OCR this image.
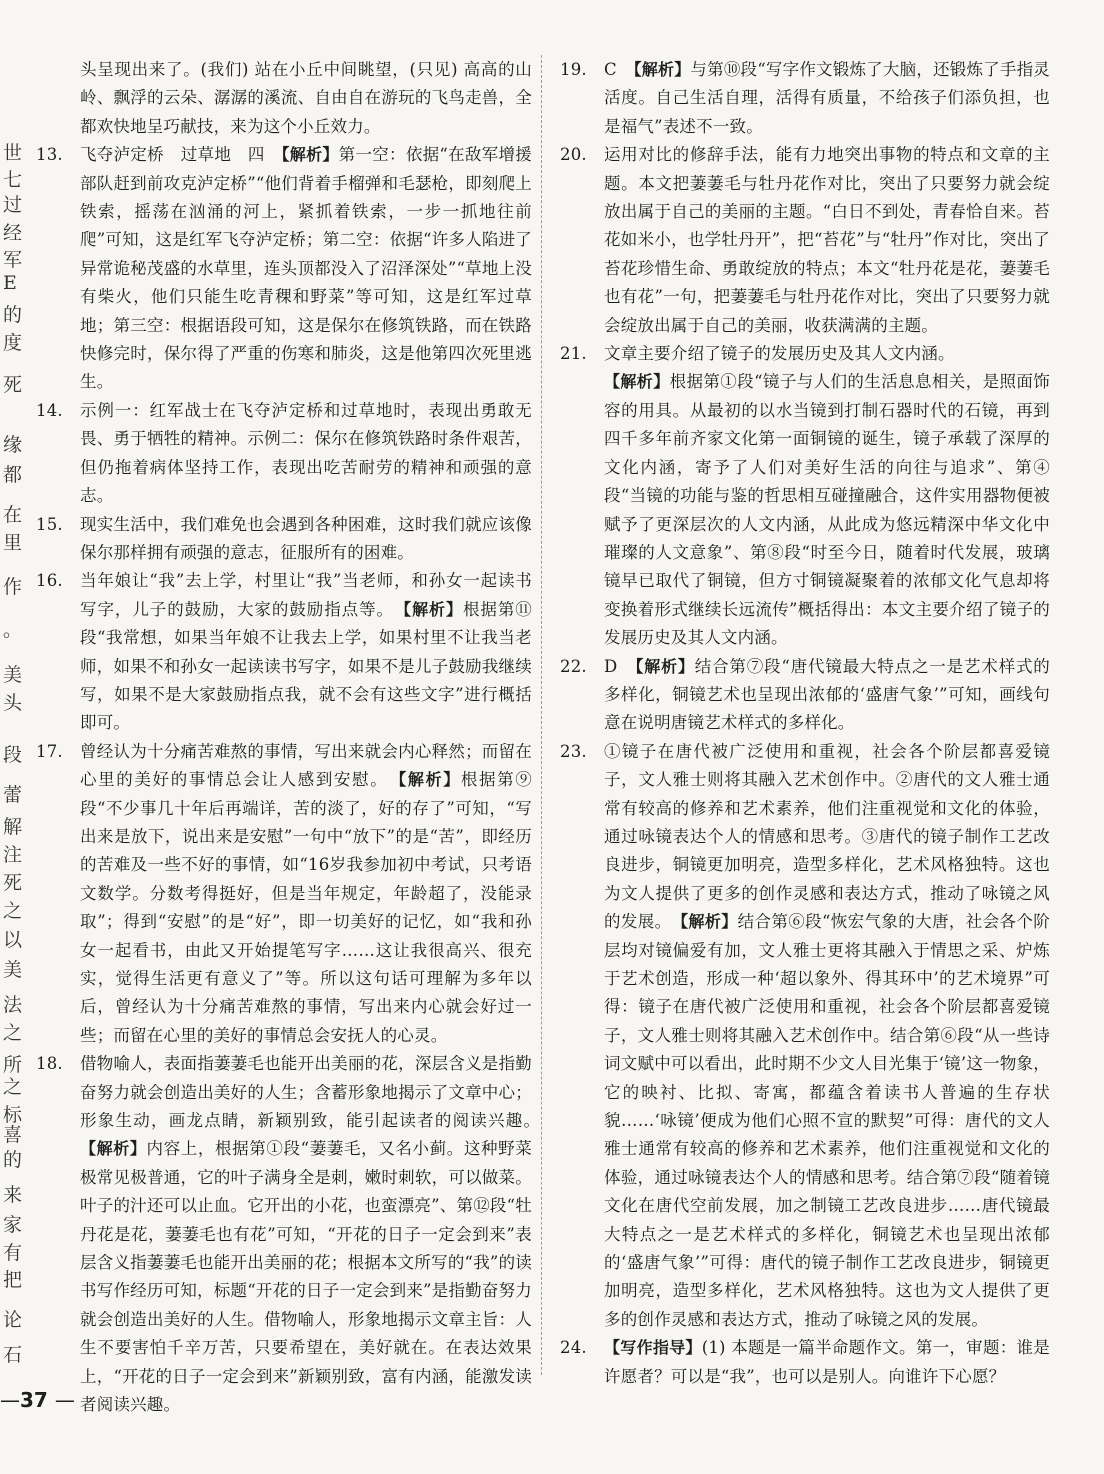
世
七
过
经
军
E
的
度
死
缘
都
在
里
作
。
美
头
段
蕾
解
注
死
之
以
美
法
之
所
之
标
喜
的
来
家
有
把
论
石
头呈现出来了。(我们) 站在小丘中间眺望，(只见) 高高的山岭、飘浮的云朵、潺潺的溪流、自由自在游玩的飞鸟走兽，全都欢快地呈巧献技，来为这个小丘效力。
13.	飞夺泸定桥　过草地　四　【解析】第一空：依据“在敌军增援部队赶到前攻克泸定桥”“他们背着手榴弹和毛瑟枪，即刻爬上铁索，摇荡在汹涌的河上，紧抓着铁索，一步一抓地往前爬”可知，这是红军飞夺泸定桥；第二空：依据“许多人陷进了异常诡秘茂盛的水草里，连头顶都没入了沼泽深处”“草地上没有柴火，他们只能生吃青稞和野菜”等可知，这是红军过草地；第三空：根据语段可知，这是保尔在修筑铁路，而在铁路快修完时，保尔得了严重的伤寒和肺炎，这是他第四次死里逃生。
14.	示例一：红军战士在飞夺泸定桥和过草地时，表现出勇敢无畏、勇于牺牲的精神。示例二：保尔在修筑铁路时条件艰苦，但仍拖着病体坚持工作，表现出吃苦耐劳的精神和顽强的意志。
15.	现实生活中，我们难免也会遇到各种困难，这时我们就应该像保尔那样拥有顽强的意志，征服所有的困难。
16.	当年娘让“我”去上学，村里让“我”当老师，和孙女一起读书写字，儿子的鼓励，大家的鼓励指点等。　【解析】根据第⑪段“我常想，如果当年娘不让我去上学，如果村里不让我当老师，如果不和孙女一起读读书写字，如果不是儿子鼓励我继续写，如果不是大家鼓励指点我，就不会有这些文字”进行概括即可。
17.	曾经认为十分痛苦难熬的事情，写出来就会内心释然；而留在心里的美好的事情总会让人感到安慰。　【解析】根据第⑨段“不少事几十年后再端详，苦的淡了，好的存了”可知，“写出来是放下，说出来是安慰”一句中“放下”的是“苦”，即经历的苦难及一些不好的事情，如“16岁我参加初中考试，只考语文数学。分数考得挺好，但是当年规定，年龄超了，没能录取”；得到“安慰”的是“好”，即一切美好的记忆，如“我和孙女一起看书，由此又开始提笔写字……这让我很高兴、很充实，觉得生活更有意义了”等。所以这句话可理解为多年以后，曾经认为十分痛苦难熬的事情，写出来内心就会好过一些；而留在心里的美好的事情总会安抚人的心灵。
18.	借物喻人，表面指萋萋毛也能开出美丽的花，深层含义是指勤奋努力就会创造出美好的人生；含蓄形象地揭示了文章中心；形象生动，画龙点睛，新颖别致，能引起读者的阅读兴趣。　【解析】内容上，根据第①段“萋萋毛，又名小蓟。这种野菜极常见极普通，它的叶子满身全是刺，嫩时刺软，可以做菜。叶子的汁还可以止血。它开出的小花，也蛮漂亮”、第⑫段“牡丹花是花，萋萋毛也有花”可知，“开花的日子一定会到来”表层含义指萋萋毛也能开出美丽的花；根据本文所写的“我”的读书写作经历可知，标题“开花的日子一定会到来”是指勤奋努力就会创造出美好的人生。借物喻人，形象地揭示文章主旨：人生不要害怕千辛万苦，只要希望在，美好就在。在表达效果上，“开花的日子一定会到来”新颖别致，富有内涵，能激发读者阅读兴趣。
19.	C　【解析】与第⑩段“写字作文锻炼了大脑，还锻炼了手指灵活度。自己生活自理，活得有质量，不给孩子们添负担，也是福气”表述不一致。
20.	运用对比的修辞手法，能有力地突出事物的特点和文章的主题。本文把萋萋毛与牡丹花作对比，突出了只要努力就会绽放出属于自己的美丽的主题。“白日不到处，青春恰自来。苔花如米小，也学牡丹开”，把“苔花”与“牡丹”作对比，突出了苔花珍惜生命、勇敢绽放的特点；本文“牡丹花是花，萋萋毛也有花”一句，把萋萋毛与牡丹花作对比，突出了只要努力就会绽放出属于自己的美丽，收获满满的主题。
21.	文章主要介绍了镜子的发展历史及其人文内涵。
【解析】根据第①段“镜子与人们的生活息息相关，是照面饰容的用具。从最初的以水当镜到打制石器时代的石镜，再到四千多年前齐家文化第一面铜镜的诞生，镜子承载了深厚的文化内涵，寄予了人们对美好生活的向往与追求”、第④段“当镜的功能与鉴的哲思相互碰撞融合，这件实用器物便被赋予了更深层次的人文内涵，从此成为悠远精深中华文化中璀璨的人文意象”、第⑧段“时至今日，随着时代发展，玻璃镜早已取代了铜镜，但方寸铜镜凝聚着的浓郁文化气息却将变换着形式继续长远流传”概括得出：本文主要介绍了镜子的发展历史及其人文内涵。
22.	D　【解析】结合第⑦段“唐代镜最大特点之一是艺术样式的多样化，铜镜艺术也呈现出浓郁的‘盛唐气象’”可知，画线句意在说明唐镜艺术样式的多样化。
23.	①镜子在唐代被广泛使用和重视，社会各个阶层都喜爱镜子，文人雅士则将其融入艺术创作中。②唐代的文人雅士通常有较高的修养和艺术素养，他们注重视觉和文化的体验，通过咏镜表达个人的情感和思考。③唐代的镜子制作工艺改良进步，铜镜更加明亮，造型多样化，艺术风格独特。这也为文人提供了更多的创作灵感和表达方式，推动了咏镜之风的发展。　【解析】结合第⑥段“恢宏气象的大唐，社会各个阶层均对镜偏爱有加，文人雅士更将其融入于情思之采、炉炼于艺术创造，形成一种‘超以象外、得其环中’的艺术境界”可得：镜子在唐代被广泛使用和重视，社会各个阶层都喜爱镜子，文人雅士则将其融入艺术创作中。结合第⑥段“从一些诗词文赋中可以看出，此时期不少文人目光集于‘镜’这一物象，它的映衬、比拟、寄寓，都蕴含着读书人普遍的生存状貌……‘咏镜’便成为他们心照不宣的默契”可得：唐代的文人雅士通常有较高的修养和艺术素养，他们注重视觉和文化的体验，通过咏镜表达个人的情感和思考。结合第⑦段“随着镜文化在唐代空前发展，加之制镜工艺改良进步……唐代镜最大特点之一是艺术样式的多样化，铜镜艺术也呈现出浓郁的‘盛唐气象’”可得：唐代的镜子制作工艺改良进步，铜镜更加明亮，造型多样化，艺术风格独特。这也为文人提供了更多的创作灵感和表达方式，推动了咏镜之风的发展。
24.	【写作指导】(1) 本题是一篇半命题作文。第一，审题：谁是许愿者？可以是“我”，也可以是别人。向谁许下心愿？
—37 —
